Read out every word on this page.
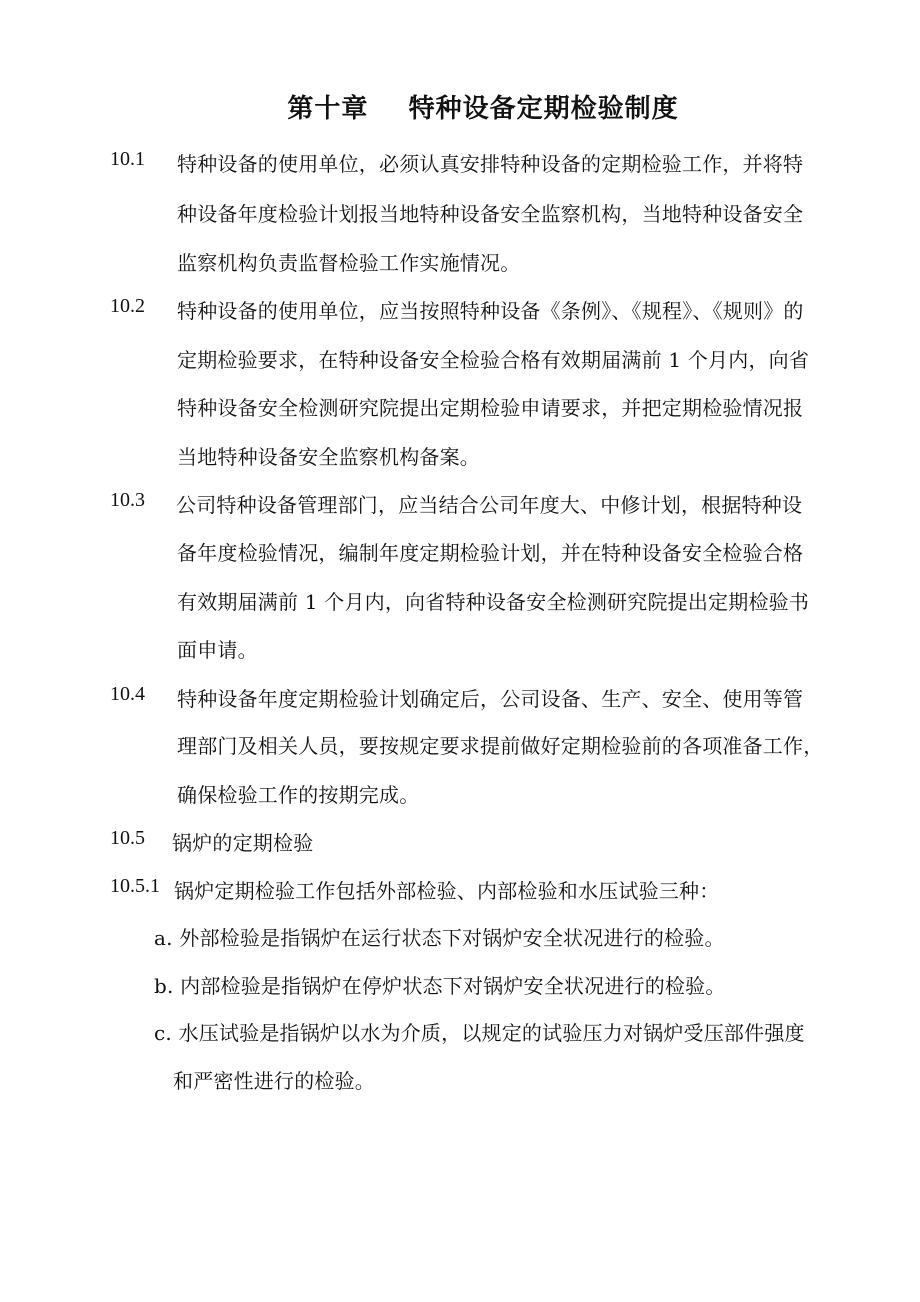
第十章    特种设备定期检验制度
10.1 特种设备的使用单位，必须认真安排特种设备的定期检验工作，并将特
种设备年度检验计划报当地特种设备安全监察机构，当地特种设备安全
监察机构负责监督检验工作实施情况。
10.2 特种设备的使用单位，应当按照特种设备《条例》、《规程》、《规则》的
定期检验要求，在特种设备安全检验合格有效期届满前 1 个月内，向省
特种设备安全检测研究院提出定期检验申请要求，并把定期检验情况报
当地特种设备安全监察机构备案。
10.3 公司特种设备管理部门，应当结合公司年度大、中修计划，根据特种设
备年度检验情况，编制年度定期检验计划，并在特种设备安全检验合格
有效期届满前 1 个月内，向省特种设备安全检测研究院提出定期检验书
面申请。
10.4 特种设备年度定期检验计划确定后，公司设备、生产、安全、使用等管
理部门及相关人员，要按规定要求提前做好定期检验前的各项准备工作，
确保检验工作的按期完成。
10.5 锅炉的定期检验
10.5.1 锅炉定期检验工作包括外部检验、内部检验和水压试验三种：
a. 外部检验是指锅炉在运行状态下对锅炉安全状况进行的检验。
b. 内部检验是指锅炉在停炉状态下对锅炉安全状况进行的检验。
c. 水压试验是指锅炉以水为介质，以规定的试验压力对锅炉受压部件强度
和严密性进行的检验。
